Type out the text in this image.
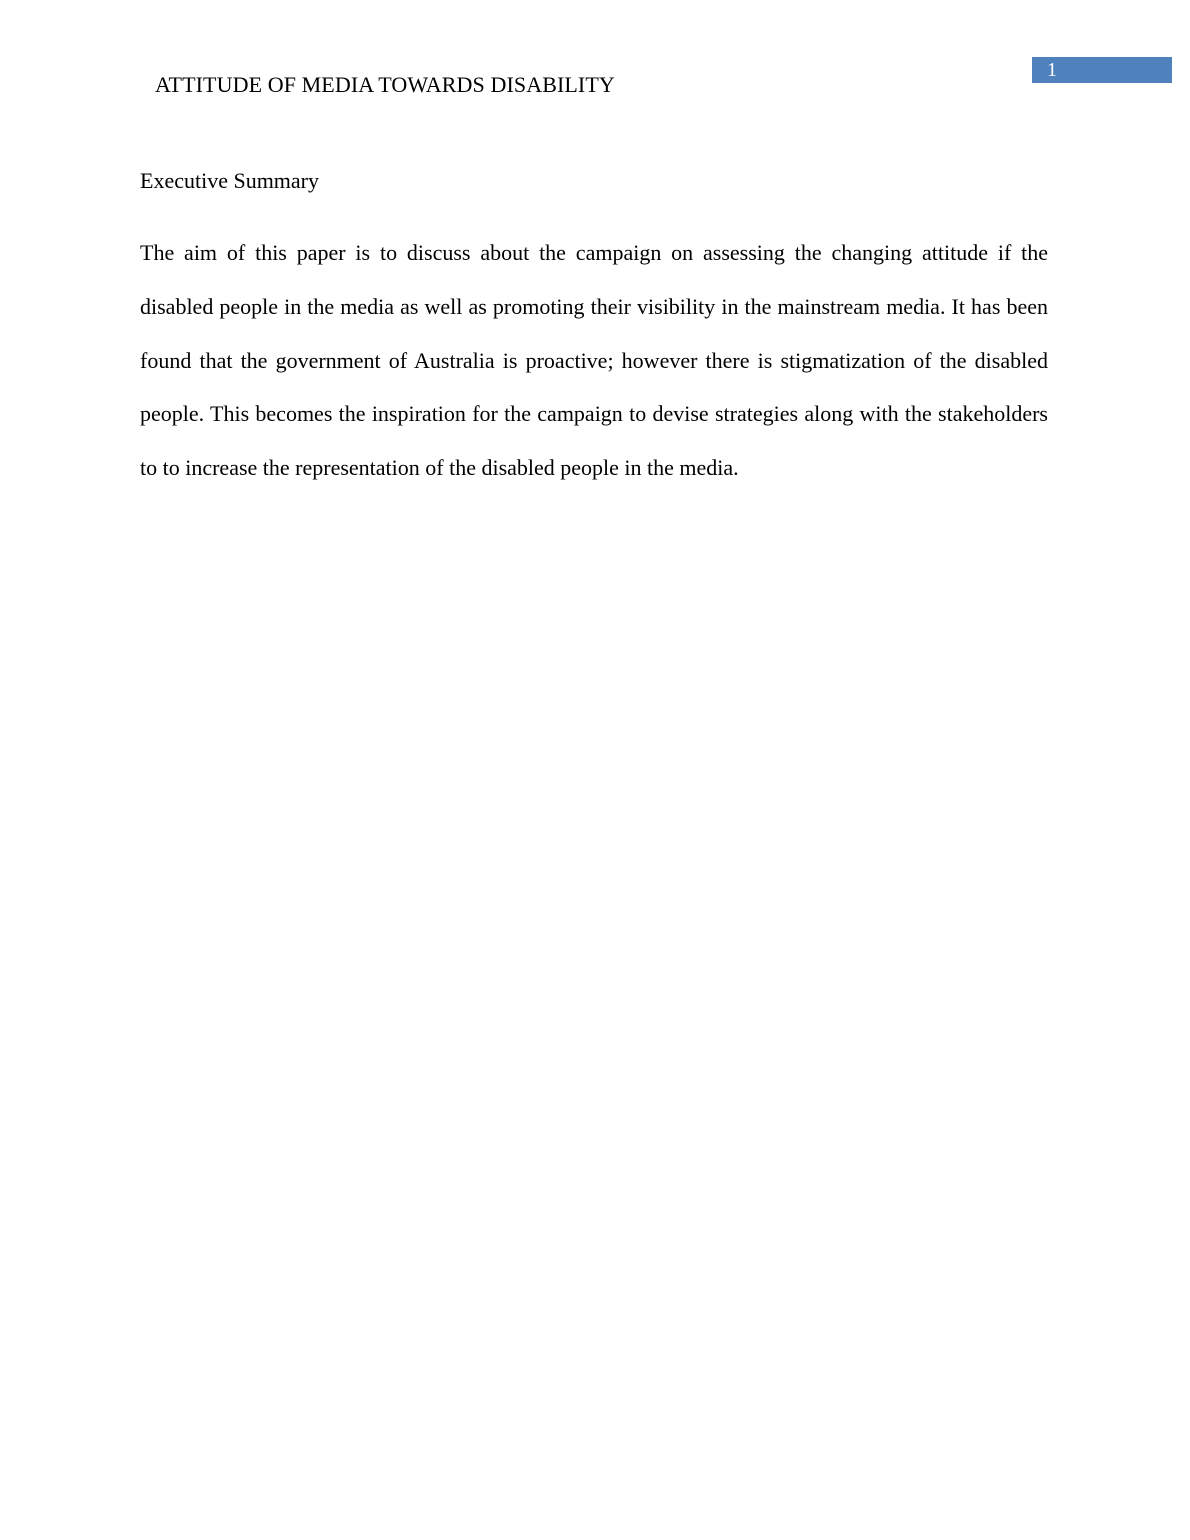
ATTITUDE OF MEDIA TOWARDS DISABILITY
1
Executive Summary

The aim of this paper is to discuss about the campaign on assessing the changing attitude if the disabled people in the media as well as promoting their visibility in the mainstream media. It has been found that the government of Australia is proactive; however there is stigmatization of the disabled people. This becomes the inspiration for the campaign to devise strategies along with the stakeholders to to increase the representation of the disabled people in the media.
